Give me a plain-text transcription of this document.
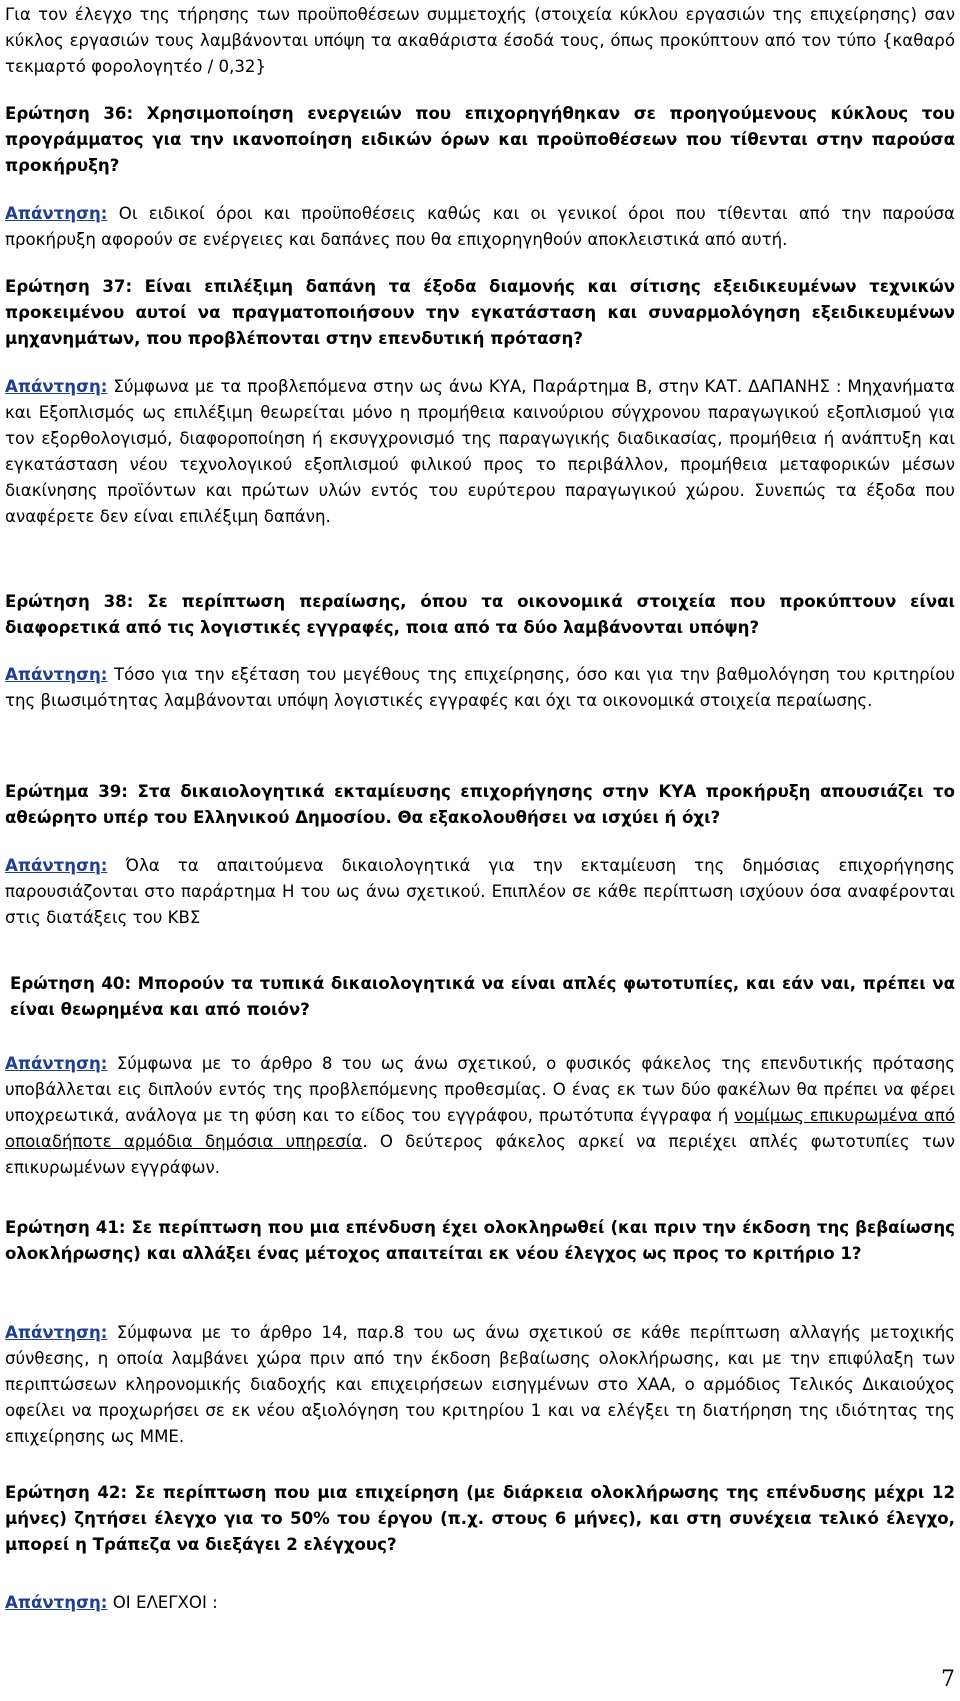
Για τον έλεγχο της τήρησης των προϋποθέσεων συμμετοχής (στοιχεία κύκλου εργασιών της επιχείρησης) σαν κύκλος εργασιών τους λαμβάνονται υπόψη τα ακαθάριστα έσοδά τους, όπως προκύπτουν από τον τύπο {καθαρό τεκμαρτό φορολογητέο / 0,32}

Ερώτηση 36: Χρησιμοποίηση ενεργειών που επιχορηγήθηκαν σε προηγούμενους κύκλους του προγράμματος για την ικανοποίηση ειδικών όρων και προϋποθέσεων που τίθενται στην παρούσα προκήρυξη?

Απάντηση: Οι ειδικοί όροι και προϋποθέσεις καθώς και οι γενικοί όροι που τίθενται από την παρούσα προκήρυξη αφορούν σε ενέργειες και δαπάνες που θα επιχορηγηθούν αποκλειστικά από αυτή.

Ερώτηση 37: Είναι επιλέξιμη δαπάνη τα έξοδα διαμονής και σίτισης εξειδικευμένων τεχνικών προκειμένου αυτοί να πραγματοποιήσουν την εγκατάσταση και συναρμολόγηση εξειδικευμένων μηχανημάτων, που προβλέπονται στην επενδυτική πρόταση?

Απάντηση: Σύμφωνα με τα προβλεπόμενα στην ως άνω ΚΥΑ, Παράρτημα Β, στην ΚΑΤ. ΔΑΠΑΝΗΣ : Μηχανήματα και Εξοπλισμός ως επιλέξιμη θεωρείται μόνο η προμήθεια καινούριου σύγχρονου παραγωγικού εξοπλισμού για τον εξορθολογισμό, διαφοροποίηση ή εκσυγχρονισμό της παραγωγικής διαδικασίας, προμήθεια ή ανάπτυξη και εγκατάσταση νέου τεχνολογικού εξοπλισμού φιλικού προς το περιβάλλον, προμήθεια μεταφορικών μέσων διακίνησης προϊόντων και πρώτων υλών εντός του ευρύτερου παραγωγικού χώρου. Συνεπώς τα έξοδα που αναφέρετε δεν είναι επιλέξιμη δαπάνη.

Ερώτηση 38: Σε περίπτωση περαίωσης, όπου τα οικονομικά στοιχεία που προκύπτουν είναι διαφορετικά από τις λογιστικές εγγραφές, ποια από τα δύο λαμβάνονται υπόψη?

Απάντηση: Τόσο για την εξέταση του μεγέθους της επιχείρησης, όσο και για την βαθμολόγηση του κριτηρίου της βιωσιμότητας λαμβάνονται υπόψη λογιστικές εγγραφές και όχι τα οικονομικά στοιχεία περαίωσης.

Ερώτημα 39: Στα δικαιολογητικά εκταμίευσης επιχορήγησης στην ΚΥΑ προκήρυξη απουσιάζει το αθεώρητο υπέρ του Ελληνικού Δημοσίου. Θα εξακολουθήσει να ισχύει ή όχι?

Απάντηση: Όλα τα απαιτούμενα δικαιολογητικά για την εκταμίευση της δημόσιας επιχορήγησης παρουσιάζονται στο παράρτημα Η του ως άνω σχετικού. Επιπλέον σε κάθε περίπτωση ισχύουν όσα αναφέρονται στις διατάξεις του ΚΒΣ

Ερώτηση 40: Μπορούν τα τυπικά δικαιολογητικά να είναι απλές φωτοτυπίες, και εάν ναι, πρέπει να είναι θεωρημένα και από ποιόν?

Απάντηση: Σύμφωνα με το άρθρο 8 του ως άνω σχετικού, ο φυσικός φάκελος της επενδυτικής πρότασης υποβάλλεται εις διπλούν εντός της προβλεπόμενης προθεσμίας. Ο ένας εκ των δύο φακέλων θα πρέπει να φέρει υποχρεωτικά, ανάλογα με τη φύση και το είδος του εγγράφου, πρωτότυπα έγγραφα ή νομίμως επικυρωμένα από οποιαδήποτε αρμόδια δημόσια υπηρεσία. Ο δεύτερος φάκελος αρκεί να περιέχει απλές φωτοτυπίες των επικυρωμένων εγγράφων.

Ερώτηση 41: Σε περίπτωση που μια επένδυση έχει ολοκληρωθεί (και πριν την έκδοση της βεβαίωσης ολοκλήρωσης) και αλλάξει ένας μέτοχος απαιτείται εκ νέου έλεγχος ως προς το κριτήριο 1?

Απάντηση: Σύμφωνα με το άρθρο 14, παρ.8 του ως άνω σχετικού σε κάθε περίπτωση αλλαγής μετοχικής σύνθεσης, η οποία λαμβάνει χώρα πριν από την έκδοση βεβαίωσης ολοκλήρωσης, και με την επιφύλαξη των περιπτώσεων κληρονομικής διαδοχής και επιχειρήσεων εισηγμένων στο ΧΑΑ, ο αρμόδιος Τελικός Δικαιούχος οφείλει να προχωρήσει σε εκ νέου αξιολόγηση του κριτηρίου 1 και να ελέγξει τη διατήρηση της ιδιότητας της επιχείρησης ως ΜΜΕ.

Ερώτηση 42: Σε περίπτωση που μια επιχείρηση (με διάρκεια ολοκλήρωσης της επένδυσης μέχρι 12 μήνες) ζητήσει έλεγχο για το 50% του έργου (π.χ. στους 6 μήνες), και στη συνέχεια τελικό έλεγχο, μπορεί η Τράπεζα να διεξάγει 2 ελέγχους?

Απάντηση: ΟΙ ΕΛΕΓΧΟΙ :

7
